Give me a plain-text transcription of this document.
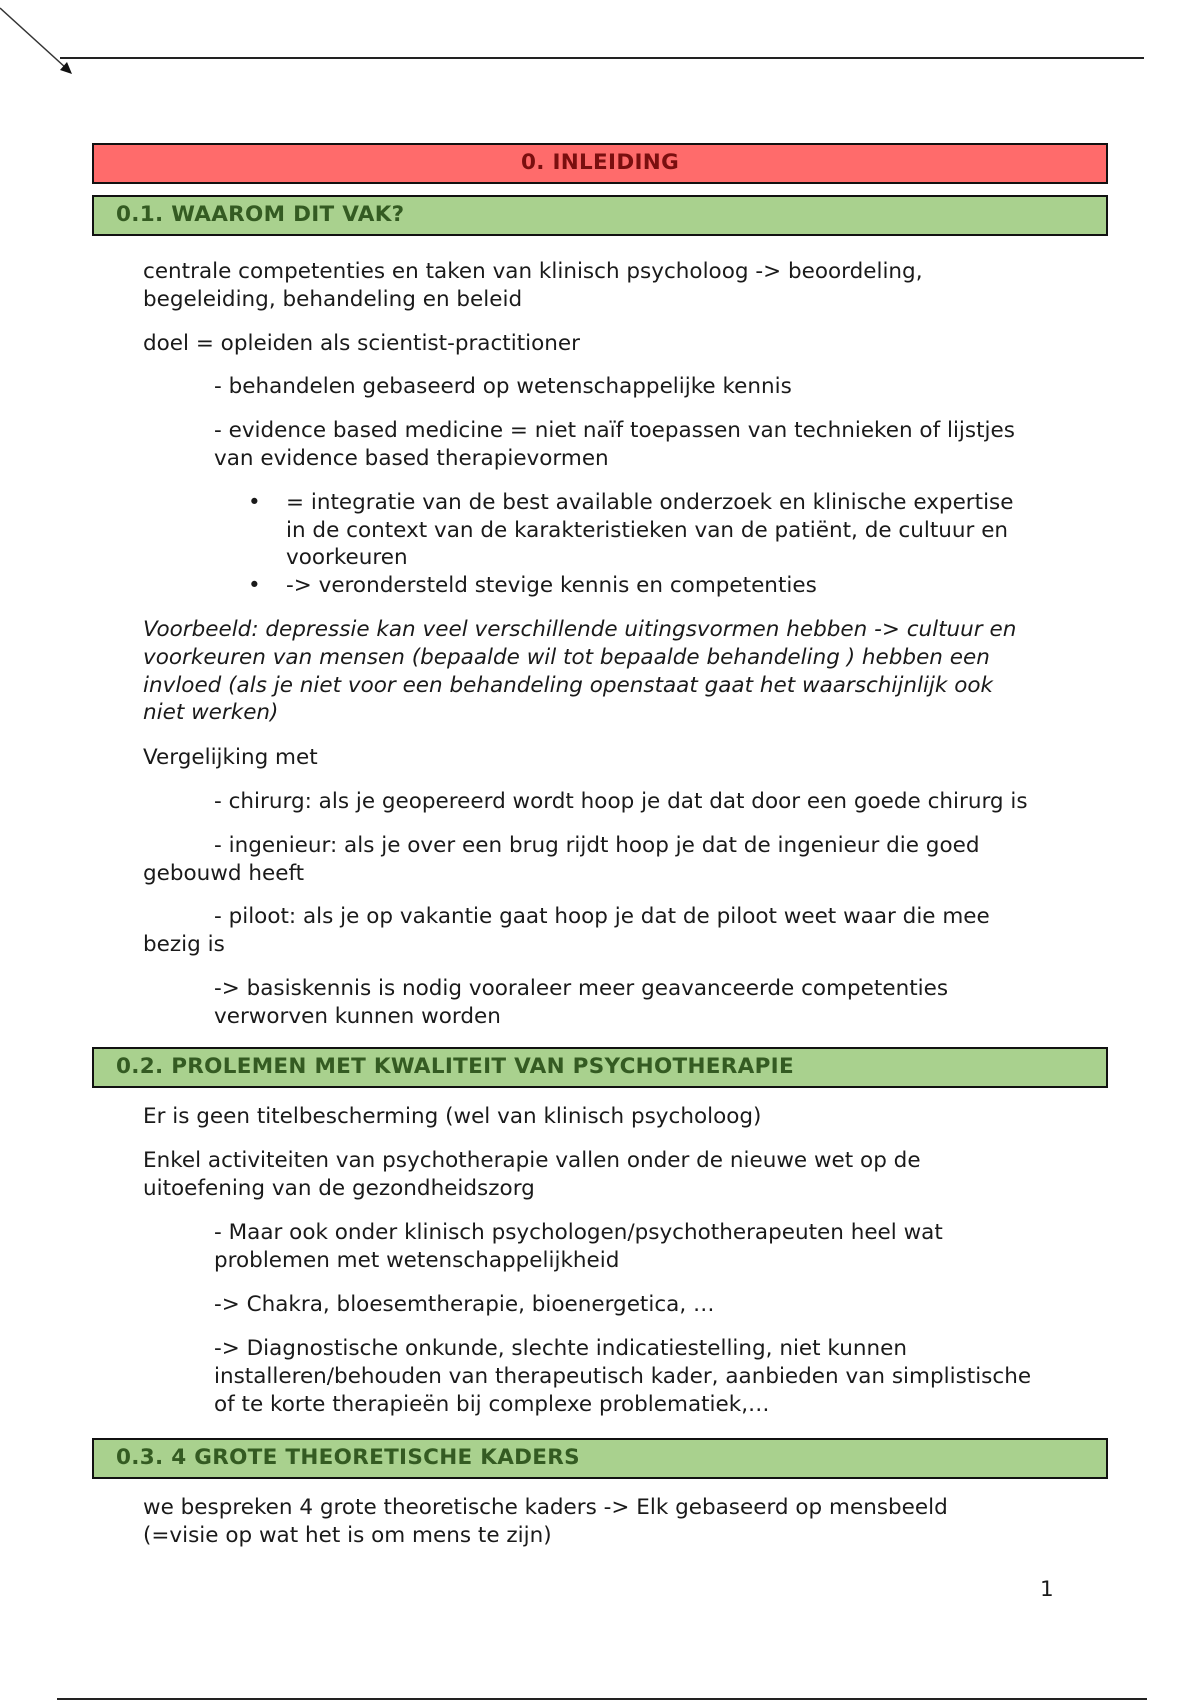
0. INLEIDING
0.1. WAAROM DIT VAK?

centrale competenties en taken van klinisch psycholoog -> beoordeling,

begeleiding, behandeling en beleid

doel = opleiden als scientist-practitioner

- behandelen gebaseerd op wetenschappelijke kennis

- evidence based medicine = niet naïf toepassen van technieken of lijstjes

van evidence based therapievormen

• = integratie van de best available onderzoek en klinische expertise

in de context van de karakteristieken van de patiënt, de cultuur en

voorkeuren

• -> verondersteld stevige kennis en competenties

Voorbeeld: depressie kan veel verschillende uitingsvormen hebben -> cultuur en

voorkeuren van mensen (bepaalde wil tot bepaalde behandeling ) hebben een

invloed (als je niet voor een behandeling openstaat gaat het waarschijnlijk ook

niet werken)

Vergelijking met

- chirurg: als je geopereerd wordt hoop je dat dat door een goede chirurg is

- ingenieur: als je over een brug rijdt hoop je dat de ingenieur die goed

gebouwd heeft

- piloot: als je op vakantie gaat hoop je dat de piloot weet waar die mee

bezig is

-> basiskennis is nodig vooraleer meer geavanceerde competenties

verworven kunnen worden

0.2. PROLEMEN MET KWALITEIT VAN PSYCHOTHERAPIE

Er is geen titelbescherming (wel van klinisch psycholoog)

Enkel activiteiten van psychotherapie vallen onder de nieuwe wet op de

uitoefening van de gezondheidszorg

- Maar ook onder klinisch psychologen/psychotherapeuten heel wat

problemen met wetenschappelijkheid

-> Chakra, bloesemtherapie, bioenergetica, …

-> Diagnostische onkunde, slechte indicatiestelling, niet kunnen

installeren/behouden van therapeutisch kader, aanbieden van simplistische

of te korte therapieën bij complexe problematiek,…

0.3. 4 GROTE THEORETISCHE KADERS

we bespreken 4 grote theoretische kaders -> Elk gebaseerd op mensbeeld

(=visie op wat het is om mens te zijn)

1
